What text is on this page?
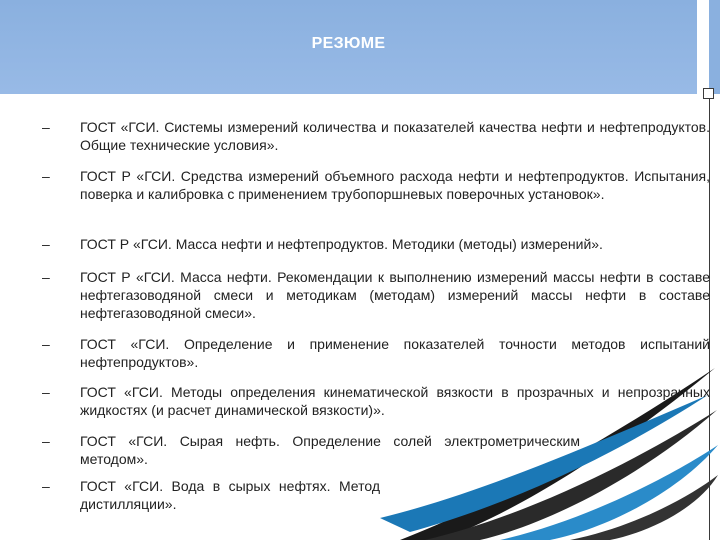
РЕЗЮМЕ
– ГОСТ «ГСИ. Системы измерений количества и показателей качества нефти и нефтепродуктов. Общие технические условия».
– ГОСТ Р «ГСИ. Средства измерений объемного расхода нефти и нефтепродуктов. Испытания, поверка и калибровка с применением трубопоршневых поверочных установок».
– ГОСТ Р «ГСИ. Масса нефти и нефтепродуктов. Методики (методы) измерений».
– ГОСТ Р «ГСИ. Масса нефти. Рекомендации к выполнению измерений массы нефти в составе нефтегазоводяной смеси и методикам (методам) измерений массы нефти в составе нефтегазоводяной смеси».
– ГОСТ «ГСИ. Определение и применение показателей точности методов испытаний нефтепродуктов».
– ГОСТ «ГСИ. Методы определения кинематической вязкости в прозрачных и непрозрачных жидкостях (и расчет динамической вязкости)».
– ГОСТ «ГСИ. Сырая нефть. Определение солей электрометрическим методом».
– ГОСТ «ГСИ. Вода в сырых нефтях. Метод дистилляции».
